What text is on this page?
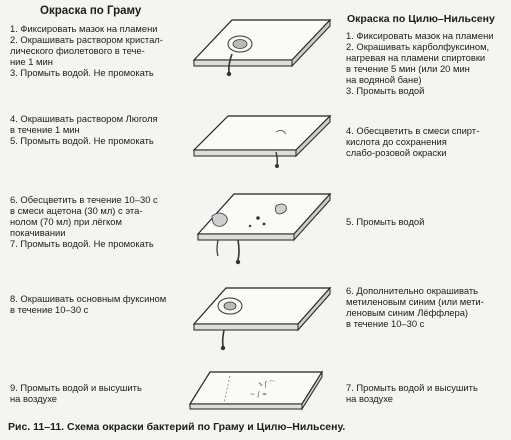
Окраска по Граму
Окраска по Цилю–Нильсену
1. Фиксировать мазок на пламени
2. Окрашивать раствором кристал-
лического фиолетового в тече-
ние 1 мин
3. Промыть водой. Не промокать
4. Окрашивать раствором Люголя
в течение 1 мин
5. Промыть водой. Не промокать
6. Обесцветить в течение 10–30 с
в смеси ацетона (30 мл) с эта-
нолом (70 мл) при лёгком
покачивании
7. Промыть водой. Не промокать
8. Окрашивать основным фуксином
в течение 10–30 с
9. Промыть водой и высушить
на воздухе
1. Фиксировать мазок на пламени
2. Окрашивать карболфуксином,
нагревая на пламени спиртовки
в течение 5 мин (или 20 мин
на водяной бане)
3. Промыть водой
4. Обесцветить в смеси спирт-
кислота до сохранения
слабо-розовой окраски
5. Промыть водой
6. Дополнительно окрашивать
метиленовым синим (или мети-
леновым синим Лёффлера)
в течение 10–30 с
7. Промыть водой и высушить
на воздухе
∿ ʃ ⌒
~ ∫ ≈
Рис. 11–11. Схема окраски бактерий по Граму и Цилю–Нильсену.
